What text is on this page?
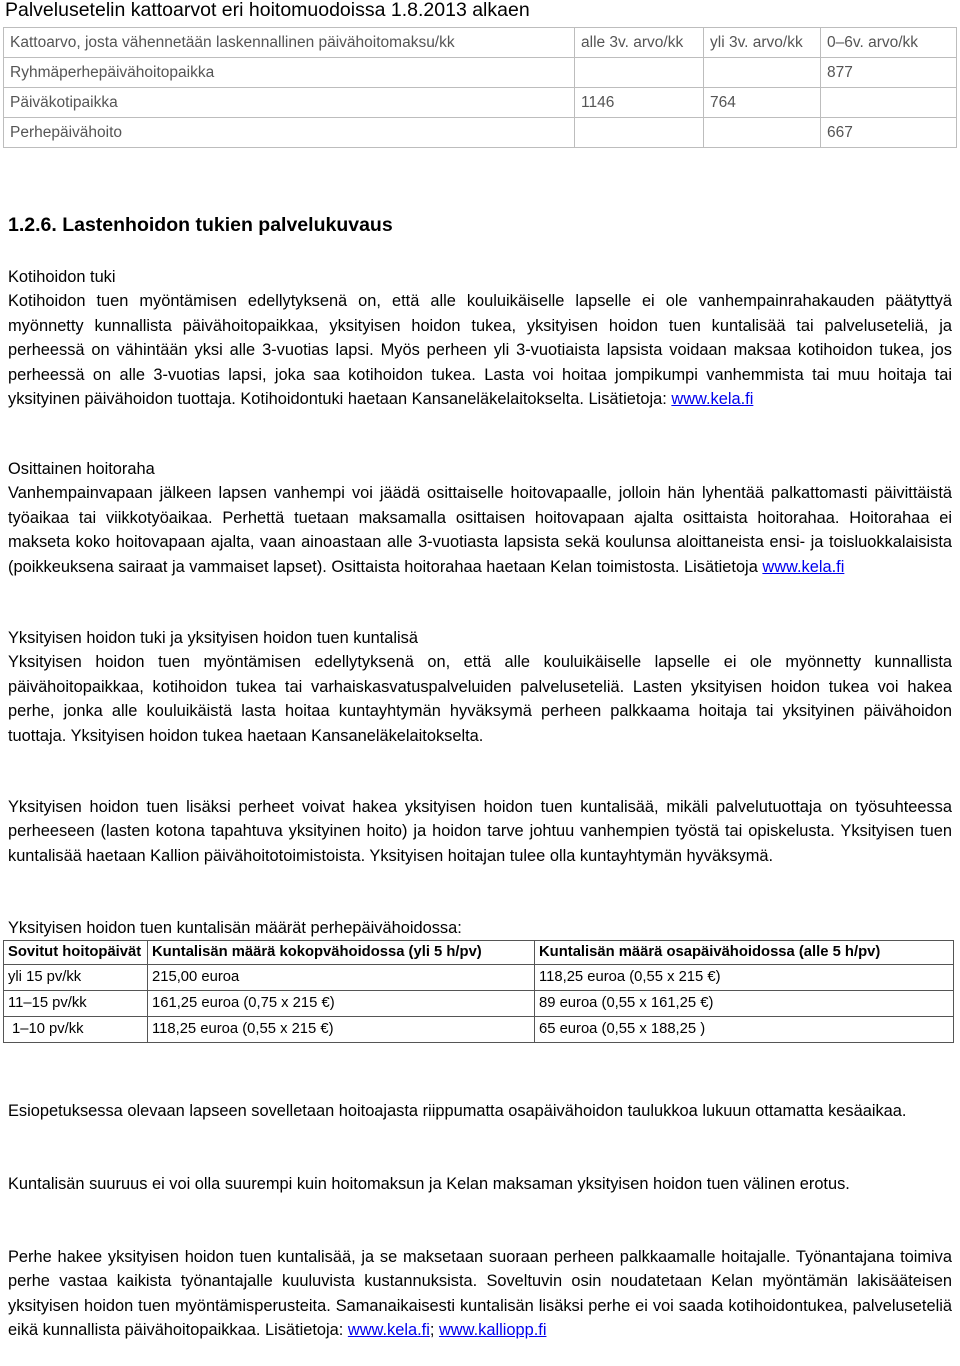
Palvelusetelin kattoarvot eri hoitomuodoissa 1.8.2013 alkaen
Kattoarvo, josta vähennetään laskennallinen päivähoitomaksu/kk	alle 3v. arvo/kk	yli 3v. arvo/kk	0–6v. arvo/kk
Ryhmäperhepäivähoitopaikka			877
Päiväkotipaikka	1146	764	
Perhepäivähoito			667
1.2.6. Lastenhoidon tukien palvelukuvaus
Kotihoidon tuki
Kotihoidon tuen myöntämisen edellytyksenä on, että alle kouluikäiselle lapselle ei ole vanhempainrahakauden päätyttyä myönnetty kunnallista päivähoitopaikkaa, yksityisen hoidon tukea, yksityisen hoidon tuen kuntalisää tai palveluseteliä, ja perheessä on vähintään yksi alle 3-vuotias lapsi. Myös perheen yli 3-vuotiaista lapsista voidaan maksaa kotihoidon tukea, jos perheessä on alle 3-vuotias lapsi, joka saa kotihoidon tukea. Lasta voi hoitaa jompikumpi vanhemmista tai muu hoitaja tai yksityinen päivähoidon tuottaja. Kotihoidontuki haetaan Kansaneläkelaitokselta. Lisätietoja: www.kela.fi
Osittainen hoitoraha
Vanhempainvapaan jälkeen lapsen vanhempi voi jäädä osittaiselle hoitovapaalle, jolloin hän lyhentää palkattomasti päivittäistä työaikaa tai viikkotyöaikaa. Perhettä tuetaan maksamalla osittaisen hoitovapaan ajalta osittaista hoitorahaa. Hoitorahaa ei makseta koko hoitovapaan ajalta, vaan ainoastaan alle 3-vuotiasta lapsista sekä koulunsa aloittaneista ensi- ja toisluokkalaisista (poikkeuksena sairaat ja vammaiset lapset). Osittaista hoitorahaa haetaan Kelan toimistosta. Lisätietoja www.kela.fi
Yksityisen hoidon tuki ja yksityisen hoidon tuen kuntalisä
Yksityisen hoidon tuen myöntämisen edellytyksenä on, että alle kouluikäiselle lapselle ei ole myönnetty kunnallista päivähoitopaikkaa, kotihoidon tukea tai varhaiskasvatuspalveluiden palveluseteliä. Lasten yksityisen hoidon tukea voi hakea perhe, jonka alle kouluikäistä lasta hoitaa kuntayhtymän hyväksymä perheen palkkaama hoitaja tai yksityinen päivähoidon tuottaja. Yksityisen hoidon tukea haetaan Kansaneläkelaitokselta.
Yksityisen hoidon tuen lisäksi perheet voivat hakea yksityisen hoidon tuen kuntalisää, mikäli palvelutuottaja on työsuhteessa perheeseen (lasten kotona tapahtuva yksityinen hoito) ja hoidon tarve johtuu vanhempien työstä tai opiskelusta. Yksityisen tuen kuntalisää haetaan Kallion päivähoitotoimistoista. Yksityisen hoitajan tulee olla kuntayhtymän hyväksymä.
Yksityisen hoidon tuen kuntalisän määrät perhepäivähoidossa:
Sovitut hoitopäivät	Kuntalisän määrä kokopvähoidossa (yli 5 h/pv)	Kuntalisän määrä osapäivähoidossa (alle 5 h/pv)
yli 15 pv/kk	215,00 euroa	118,25 euroa (0,55 x 215 €)
11–15 pv/kk	161,25 euroa (0,75 x 215 €)	89 euroa (0,55 x 161,25 €)
1–10 pv/kk	118,25 euroa (0,55 x 215 €)	65 euroa (0,55 x 188,25 )
Esiopetuksessa olevaan lapseen sovelletaan hoitoajasta riippumatta osapäivähoidon taulukkoa lukuun ottamatta kesäaikaa.
Kuntalisän suuruus ei voi olla suurempi kuin hoitomaksun ja Kelan maksaman yksityisen hoidon tuen välinen erotus.
Perhe hakee yksityisen hoidon tuen kuntalisää, ja se maksetaan suoraan perheen palkkaamalle hoitajalle. Työnantajana toimiva perhe vastaa kaikista työnantajalle kuuluvista kustannuksista. Soveltuvin osin noudatetaan Kelan myöntämän lakisääteisen yksityisen hoidon tuen myöntämisperusteita. Samanaikaisesti kuntalisän lisäksi perhe ei voi saada kotihoidontukea, palveluseteliä eikä kunnallista päivähoitopaikkaa. Lisätietoja: www.kela.fi; www.kalliopp.fi
